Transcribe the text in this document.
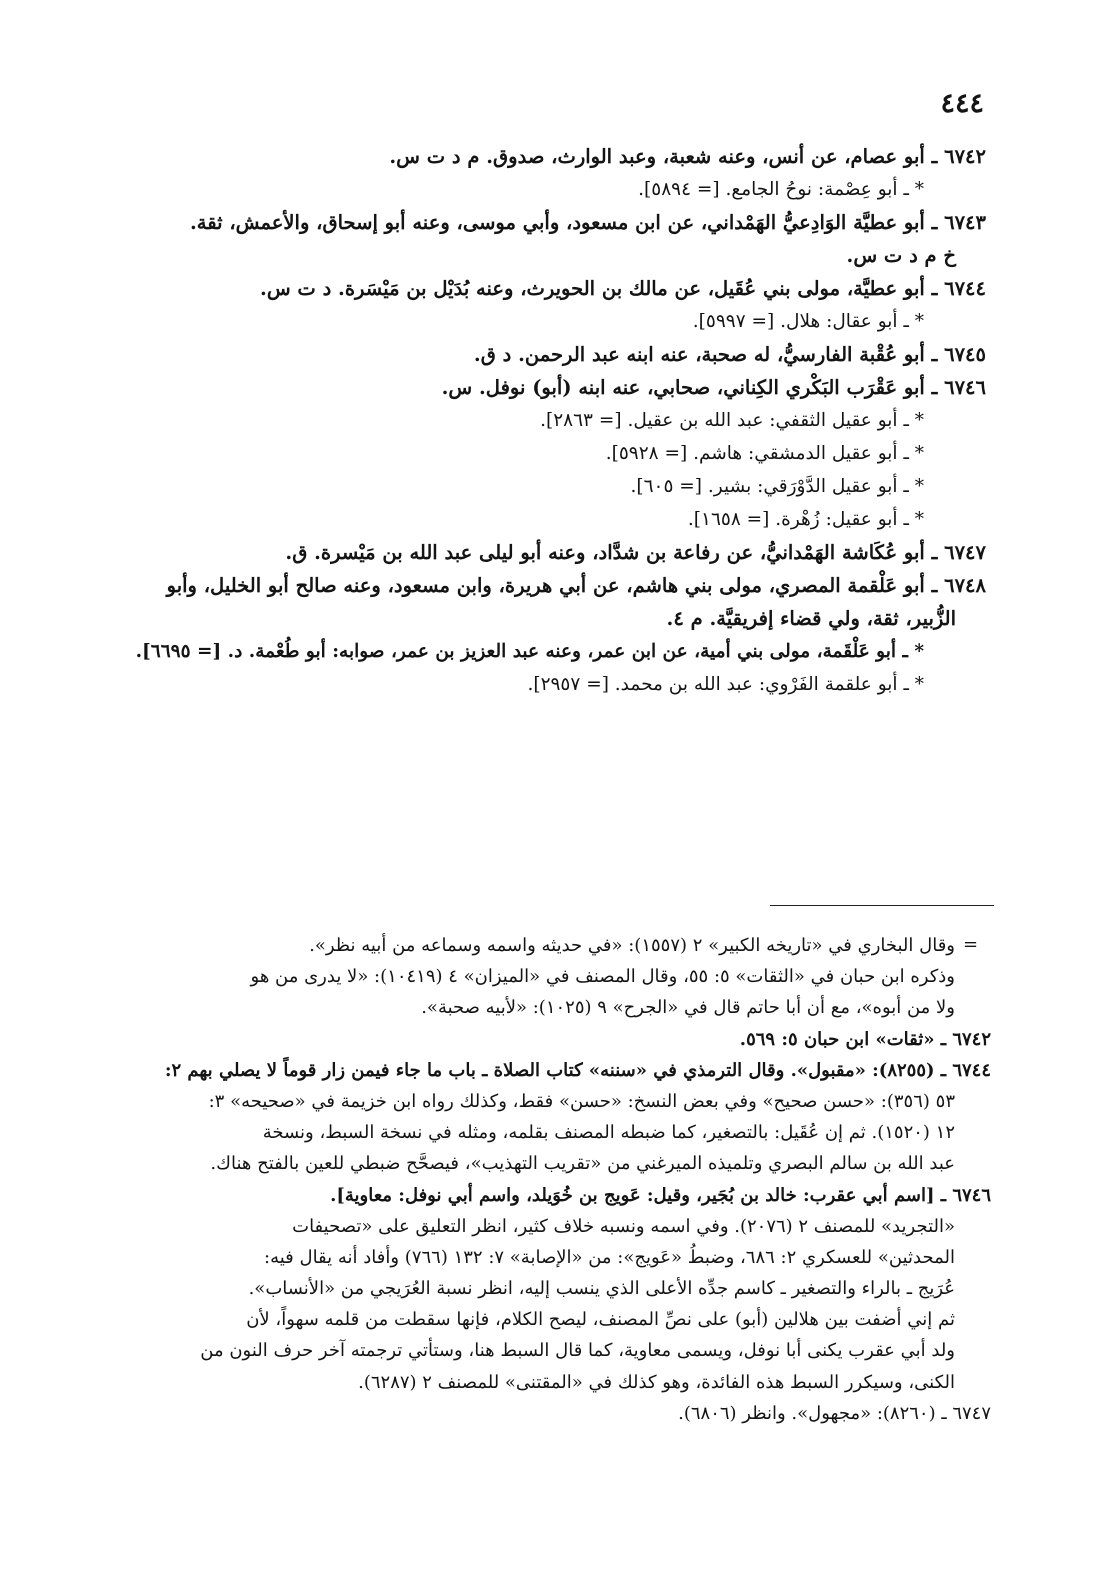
٤٤٤
٦٧٤٢ ـ أبو عصام، عن أنس، وعنه شعبة، وعبد الوارث، صدوق. م د ت س.
* ـ أبو عِصْمة: نوحُ الجامع. [= ٥٨٩٤].
٦٧٤٣ ـ أبو عطيَّة الوَادِعيُّ الهَمْداني، عن ابن مسعود، وأبي موسى، وعنه أبو إسحاق، والأعمش، ثقة.
خ م د ت س.
٦٧٤٤ ـ أبو عطيَّة، مولى بني عُقَيل، عن مالك بن الحويرث، وعنه بُدَيْل بن مَيْسَرة. د ت س.
* ـ أبو عقال: هلال. [= ٥٩٩٧].
٦٧٤٥ ـ أبو عُقْبة الفارسيُّ، له صحبة، عنه ابنه عبد الرحمن. د ق.
٦٧٤٦ ـ أبو عَقْرَب البَكْري الكِناني، صحابي، عنه ابنه (أبو) نوفل. س.
* ـ أبو عقيل الثقفي: عبد الله بن عقيل. [= ٢٨٦٣].
* ـ أبو عقيل الدمشقي: هاشم. [= ٥٩٢٨].
* ـ أبو عقيل الدَّوْرَقي: بشير. [= ٦٠٥].
* ـ أبو عقيل: زُهْرة. [= ١٦٥٨].
٦٧٤٧ ـ أبو عُكَاشة الهَمْدانيُّ، عن رفاعة بن شدَّاد، وعنه أبو ليلى عبد الله بن مَيْسرة. ق.
٦٧٤٨ ـ أبو عَلْقمة المصري، مولى بني هاشم، عن أبي هريرة، وابن مسعود، وعنه صالح أبو الخليل، وأبو
الزُّبير، ثقة، ولي قضاء إفريقيَّة. م ٤.
* ـ أبو عَلْقَمة، مولى بني أمية، عن ابن عمر، وعنه عبد العزيز بن عمر، صوابه: أبو طُعْمة. د. [= ٦٦٩٥].
* ـ أبو علقمة الفَرْوي: عبد الله بن محمد. [= ٢٩٥٧].
=
وقال البخاري في «تاريخه الكبير» ٢ (١٥٥٧): «في حديثه واسمه وسماعه من أبيه نظر».
وذكره ابن حبان في «الثقات» ٥: ٥٥، وقال المصنف في «الميزان» ٤ (١٠٤١٩): «لا يدرى من هو
ولا من أبوه»، مع أن أبا حاتم قال في «الجرح» ٩ (١٠٢٥): «لأبيه صحبة».
٦٧٤٢ ـ «ثقات» ابن حبان ٥: ٥٦٩.
٦٧٤٤ ـ (٨٢٥٥): «مقبول». وقال الترمذي في «سننه» كتاب الصلاة ـ باب ما جاء فيمن زار قوماً لا يصلي بهم ٢:
٥٣ (٣٥٦): «حسن صحيح» وفي بعض النسخ: «حسن» فقط، وكذلك رواه ابن خزيمة في «صحيحه» ٣:
١٢ (١٥٢٠). ثم إن عُقَيل: بالتصغير، كما ضبطه المصنف بقلمه، ومثله في نسخة السبط، ونسخة
عبد الله بن سالم البصري وتلميذه الميرغني من «تقريب التهذيب»، فيصحَّح ضبطي للعين بالفتح هناك.
٦٧٤٦ ـ [اسم أبي عقرب: خالد بن بُجَير، وقيل: عَويج بن خُوَيلد، واسم أبي نوفل: معاوية].
«التجريد» للمصنف ٢ (٢٠٧٦). وفي اسمه ونسبه خلاف كثير، انظر التعليق على «تصحيفات
المحدثين» للعسكري ٢: ٦٨٦، وضبطُ «عَويج»: من «الإصابة» ٧: ١٣٢ (٧٦٦) وأفاد أنه يقال فيه:
عُرَيج ـ بالراء والتصغير ـ كاسم جدِّه الأعلى الذي ينسب إليه، انظر نسبة العُرَيجي من «الأنساب».
ثم إني أضفت بين هلالين (أبو) على نصِّ المصنف، ليصح الكلام، فإنها سقطت من قلمه سهواً، لأن
ولد أبي عقرب يكنى أبا نوفل، ويسمى معاوية، كما قال السبط هنا، وستأتي ترجمته آخر حرف النون من
الكنى، وسيكرر السبط هذه الفائدة، وهو كذلك في «المقتنى» للمصنف ٢ (٦٢٨٧).
٦٧٤٧ ـ (٨٢٦٠): «مجهول». وانظر (٦٨٠٦).
